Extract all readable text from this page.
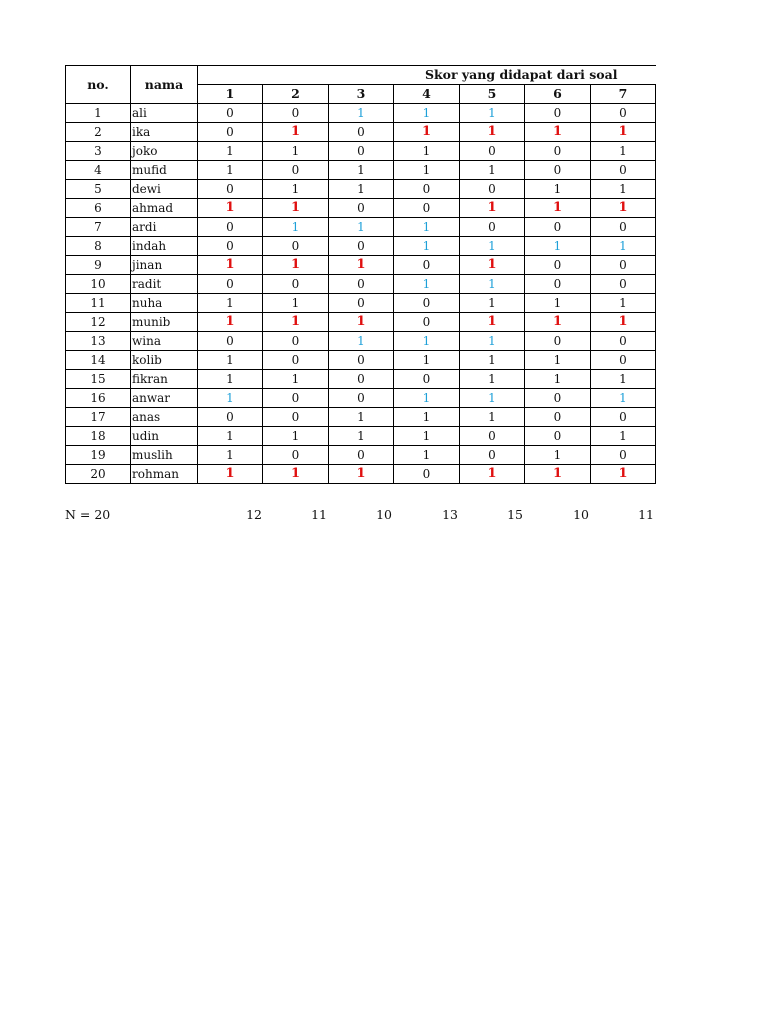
no.	nama	Skor yang didapat dari soal						
		1	2	3	4	5	6	7
1	ali	0	0	1	1	1	0	0
2	ika	0	1	0	1	1	1	1
3	joko	1	1	0	1	0	0	1
4	mufid	1	0	1	1	1	0	0
5	dewi	0	1	1	0	0	1	1
6	ahmad	1	1	0	0	1	1	1
7	ardi	0	1	1	1	0	0	0
8	indah	0	0	0	1	1	1	1
9	jinan	1	1	1	0	1	0	0
10	radit	0	0	0	1	1	0	0
11	nuha	1	1	0	0	1	1	1
12	munib	1	1	1	0	1	1	1
13	wina	0	0	1	1	1	0	0
14	kolib	1	0	0	1	1	1	0
15	fikran	1	1	0	0	1	1	1
16	anwar	1	0	0	1	1	0	1
17	anas	0	0	1	1	1	0	0
18	udin	1	1	1	1	0	0	1
19	muslih	1	0	0	1	0	1	0
20	rohman	1	1	1	0	1	1	1
N = 20	12	11	10	13	15	10	11
